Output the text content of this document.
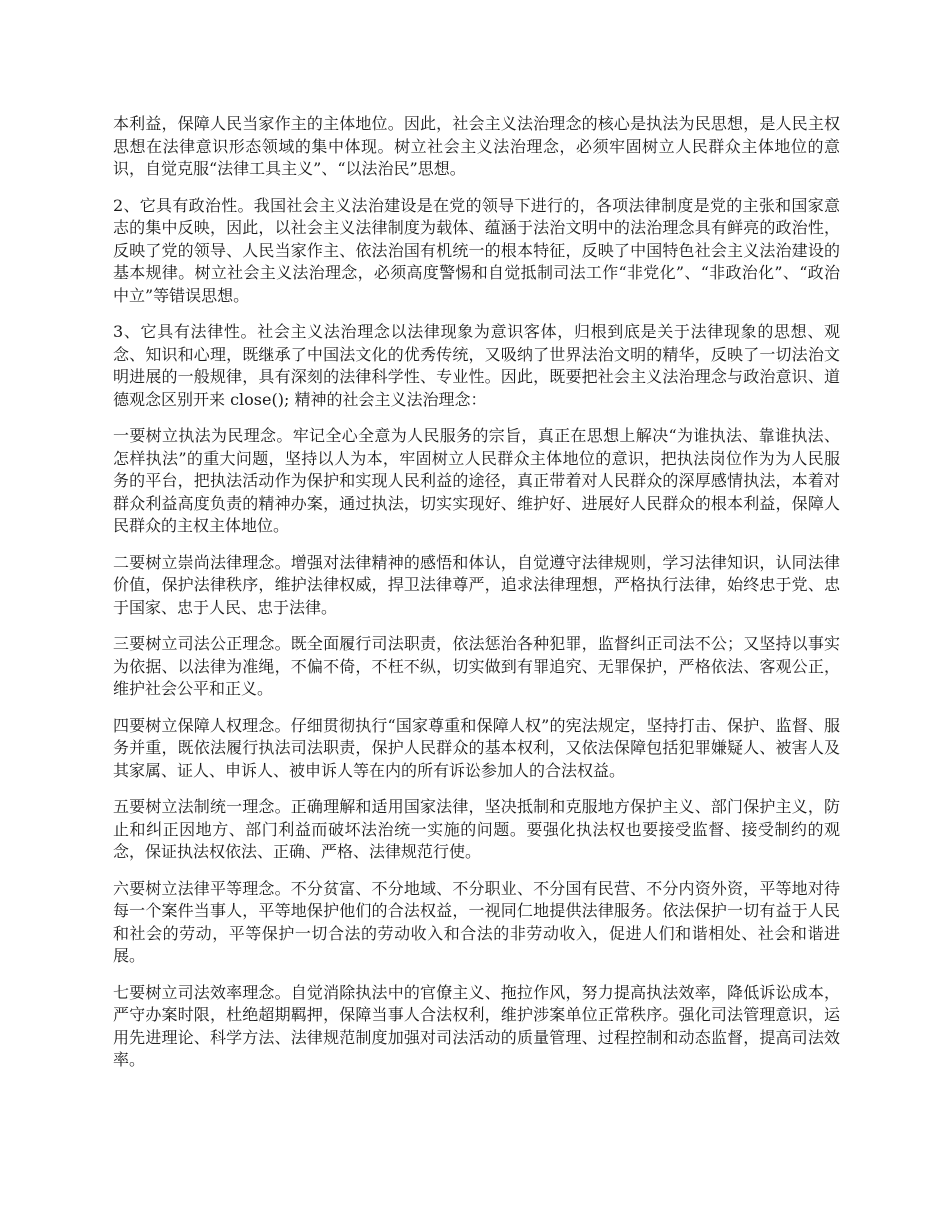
本利益，保障人民当家作主的主体地位。因此，社会主义法治理念的核心是执法为民思想，是人民主权思想在法律意识形态领域的集中体现。树立社会主义法治理念，必须牢固树立人民群众主体地位的意识，自觉克服“法律工具主义”、“以法治民”思想。

2、它具有政治性。我国社会主义法治建设是在党的领导下进行的，各项法律制度是党的主张和国家意志的集中反映，因此，以社会主义法律制度为载体、蕴涵于法治文明中的法治理念具有鲜亮的政治性，反映了党的领导、人民当家作主、依法治国有机统一的根本特征，反映了中国特色社会主义法治建设的基本规律。树立社会主义法治理念，必须高度警惕和自觉抵制司法工作“非党化”、“非政治化”、“政治中立”等错误思想。

3、它具有法律性。社会主义法治理念以法律现象为意识客体，归根到底是关于法律现象的思想、观念、知识和心理，既继承了中国法文化的优秀传统，又吸纳了世界法治文明的精华，反映了一切法治文明进展的一般规律，具有深刻的法律科学性、专业性。因此，既要把社会主义法治理念与政治意识、道德观念区别开来 close(); 精神的社会主义法治理念：

一要树立执法为民理念。牢记全心全意为人民服务的宗旨，真正在思想上解决“为谁执法、靠谁执法、怎样执法”的重大问题，坚持以人为本，牢固树立人民群众主体地位的意识，把执法岗位作为为人民服务的平台，把执法活动作为保护和实现人民利益的途径，真正带着对人民群众的深厚感情执法，本着对群众利益高度负责的精神办案，通过执法，切实实现好、维护好、进展好人民群众的根本利益，保障人民群众的主权主体地位。

二要树立崇尚法律理念。增强对法律精神的感悟和体认，自觉遵守法律规则，学习法律知识，认同法律价值，保护法律秩序，维护法律权威，捍卫法律尊严，追求法律理想，严格执行法律，始终忠于党、忠于国家、忠于人民、忠于法律。

三要树立司法公正理念。既全面履行司法职责，依法惩治各种犯罪，监督纠正司法不公；又坚持以事实为依据、以法律为准绳，不偏不倚，不枉不纵，切实做到有罪追究、无罪保护，严格依法、客观公正，维护社会公平和正义。

四要树立保障人权理念。仔细贯彻执行“国家尊重和保障人权”的宪法规定，坚持打击、保护、监督、服务并重，既依法履行执法司法职责，保护人民群众的基本权利，又依法保障包括犯罪嫌疑人、被害人及其家属、证人、申诉人、被申诉人等在内的所有诉讼参加人的合法权益。

五要树立法制统一理念。正确理解和适用国家法律，坚决抵制和克服地方保护主义、部门保护主义，防止和纠正因地方、部门利益而破坏法治统一实施的问题。要强化执法权也要接受监督、接受制约的观念，保证执法权依法、正确、严格、法律规范行使。

六要树立法律平等理念。不分贫富、不分地域、不分职业、不分国有民营、不分内资外资，平等地对待每一个案件当事人，平等地保护他们的合法权益，一视同仁地提供法律服务。依法保护一切有益于人民和社会的劳动，平等保护一切合法的劳动收入和合法的非劳动收入，促进人们和谐相处、社会和谐进展。

七要树立司法效率理念。自觉消除执法中的官僚主义、拖拉作风，努力提高执法效率，降低诉讼成本，严守办案时限，杜绝超期羁押，保障当事人合法权利，维护涉案单位正常秩序。强化司法管理意识，运用先进理论、科学方法、法律规范制度加强对司法活动的质量管理、过程控制和动态监督，提高司法效率。
